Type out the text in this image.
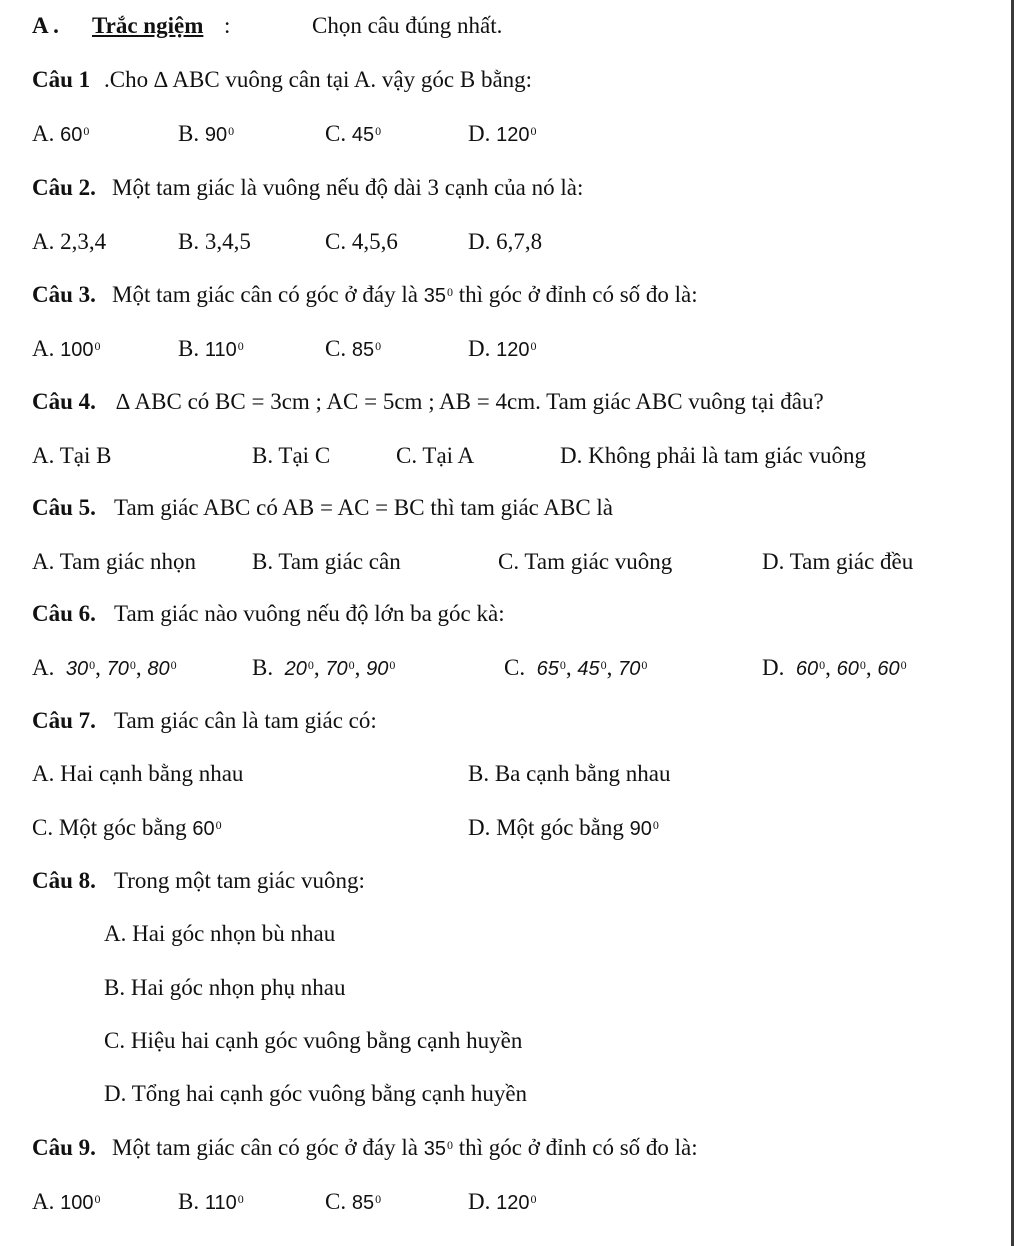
A . Trắc ngiệm :	Chọn câu đúng nhất.
Câu 1 .Cho ∆ ABC vuông cân tại A. vậy góc B bằng:
A. $60^0$	B. $90^0$	C. $45^0$	D. $120^0$
Câu 2. Một tam giác là vuông nếu độ dài 3 cạnh của nó là:
A. 2,3,4	B. 3,4,5	C. 4,5,6	D. 6,7,8
Câu 3. Một tam giác cân có góc ở đáy là $35^0$ thì góc ở đỉnh có số đo là:
A. $100^0$	B. $110^0$	C. $85^0$	D. $120^0$
Câu 4. ∆ ABC có BC = 3cm ; AC = 5cm ; AB = 4cm. Tam giác ABC vuông tại đâu?
A. Tại B	B. Tại C	C. Tại A	D. Không phải là tam giác vuông
Câu 5. Tam giác ABC có AB = AC = BC thì tam giác ABC là
A. Tam giác nhọn B. Tam giác cân	C. Tam giác vuông	D. Tam giác đều
Câu 6. Tam giác nào vuông nếu độ lớn ba góc kà:
A. $30^0$, $70^0$, $80^0$	B. $20^0$, $70^0$, $90^0$	C. $65^0$, $45^0$, $70^0$	D. $60^0$, $60^0$, $60^0$
Câu 7. Tam giác cân là tam giác có:
A. Hai cạnh bằng nhau	B. Ba cạnh bằng nhau
C. Một góc bằng $60^0$	D. Một góc bằng $90^0$
Câu 8. Trong một tam giác vuông:
A. Hai góc nhọn bù nhau
B. Hai góc nhọn phụ nhau
C. Hiệu hai cạnh góc vuông bằng cạnh huyền
D. Tổng hai cạnh góc vuông bằng cạnh huyền
Câu 9. Một tam giác cân có góc ở đáy là $35^0$ thì góc ở đỉnh có số đo là:
A. $100^0$	B. $110^0$	C. $85^0$	D. $120^0$
